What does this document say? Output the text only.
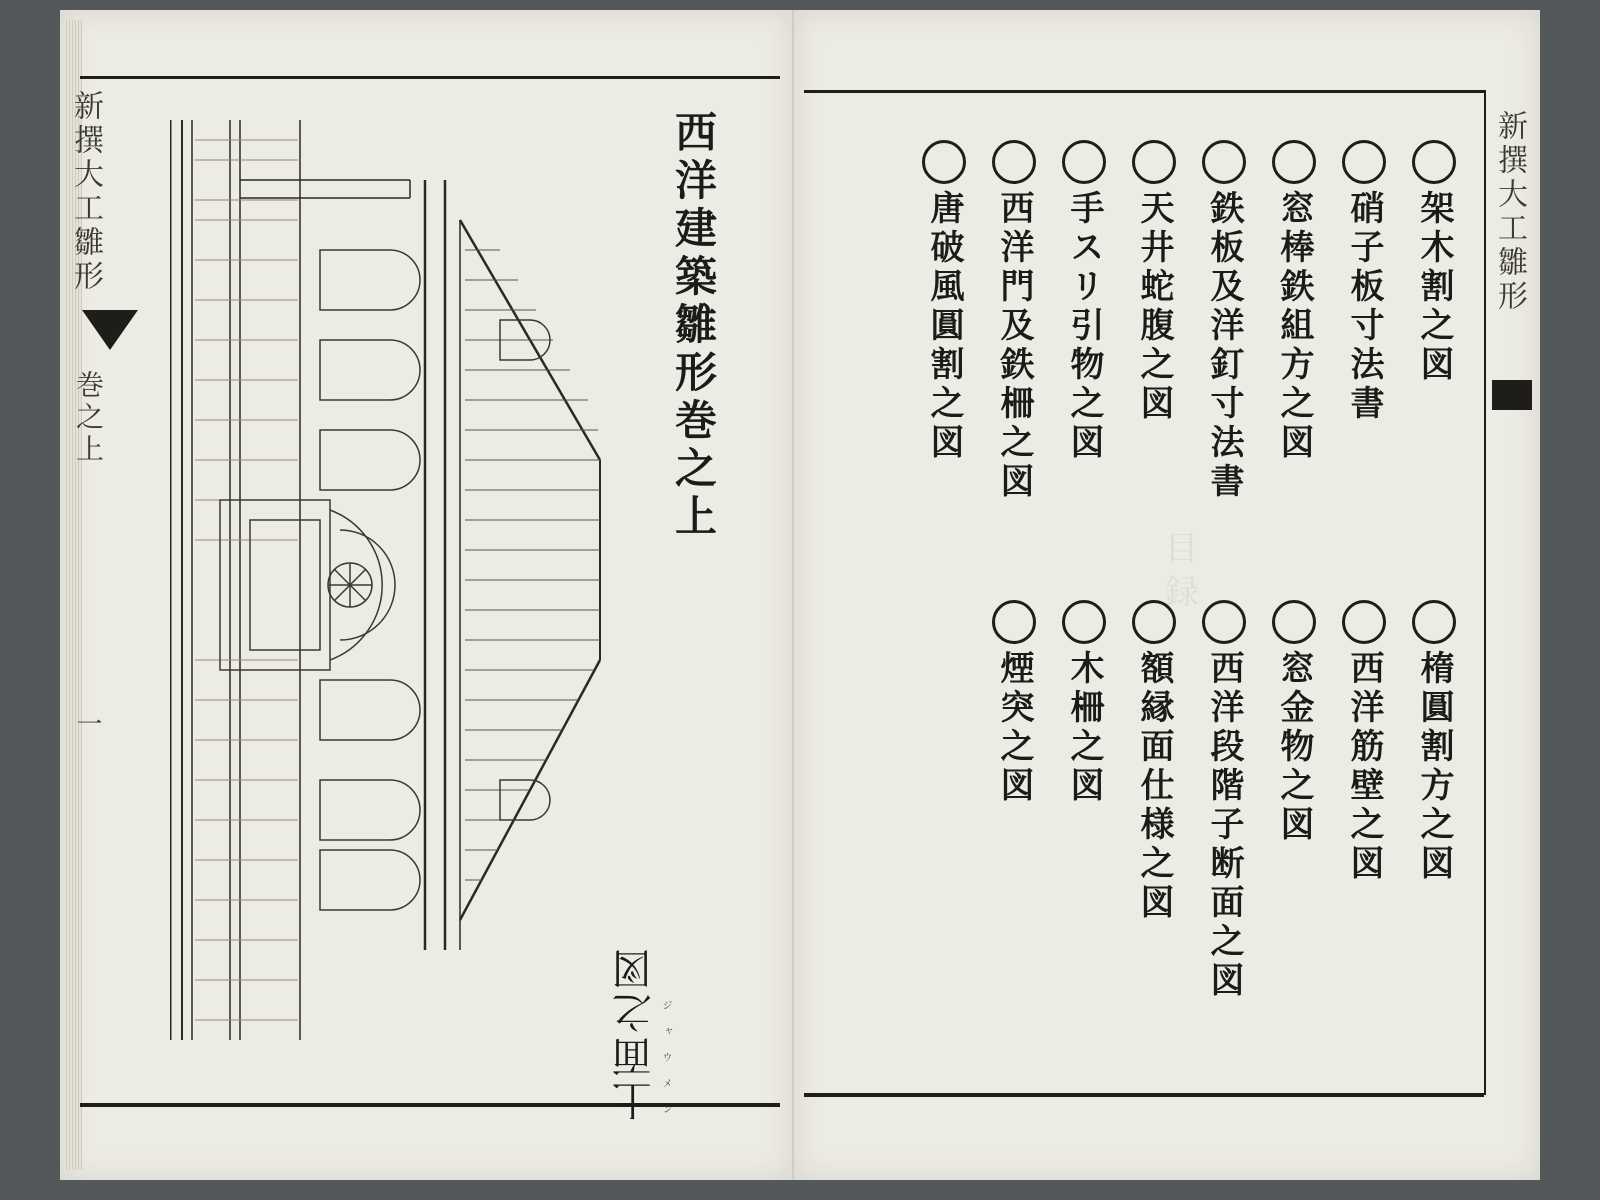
新撰大工雛形
巻之上
一
西洋建築雛形巻之上
ジャウメン
上面之図
新撰大工雛形
目録
架木割之図
硝子板寸法書
窓棒鉄組方之図
鉄板及洋釘寸法書
天井蛇腹之図
手スリ引物之図
西洋門及鉄柵之図
唐破風圓割之図
楕圓割方之図
西洋筋壁之図
窓金物之図
西洋段階子断面之図
額縁面仕様之図
木柵之図
煙突之図
